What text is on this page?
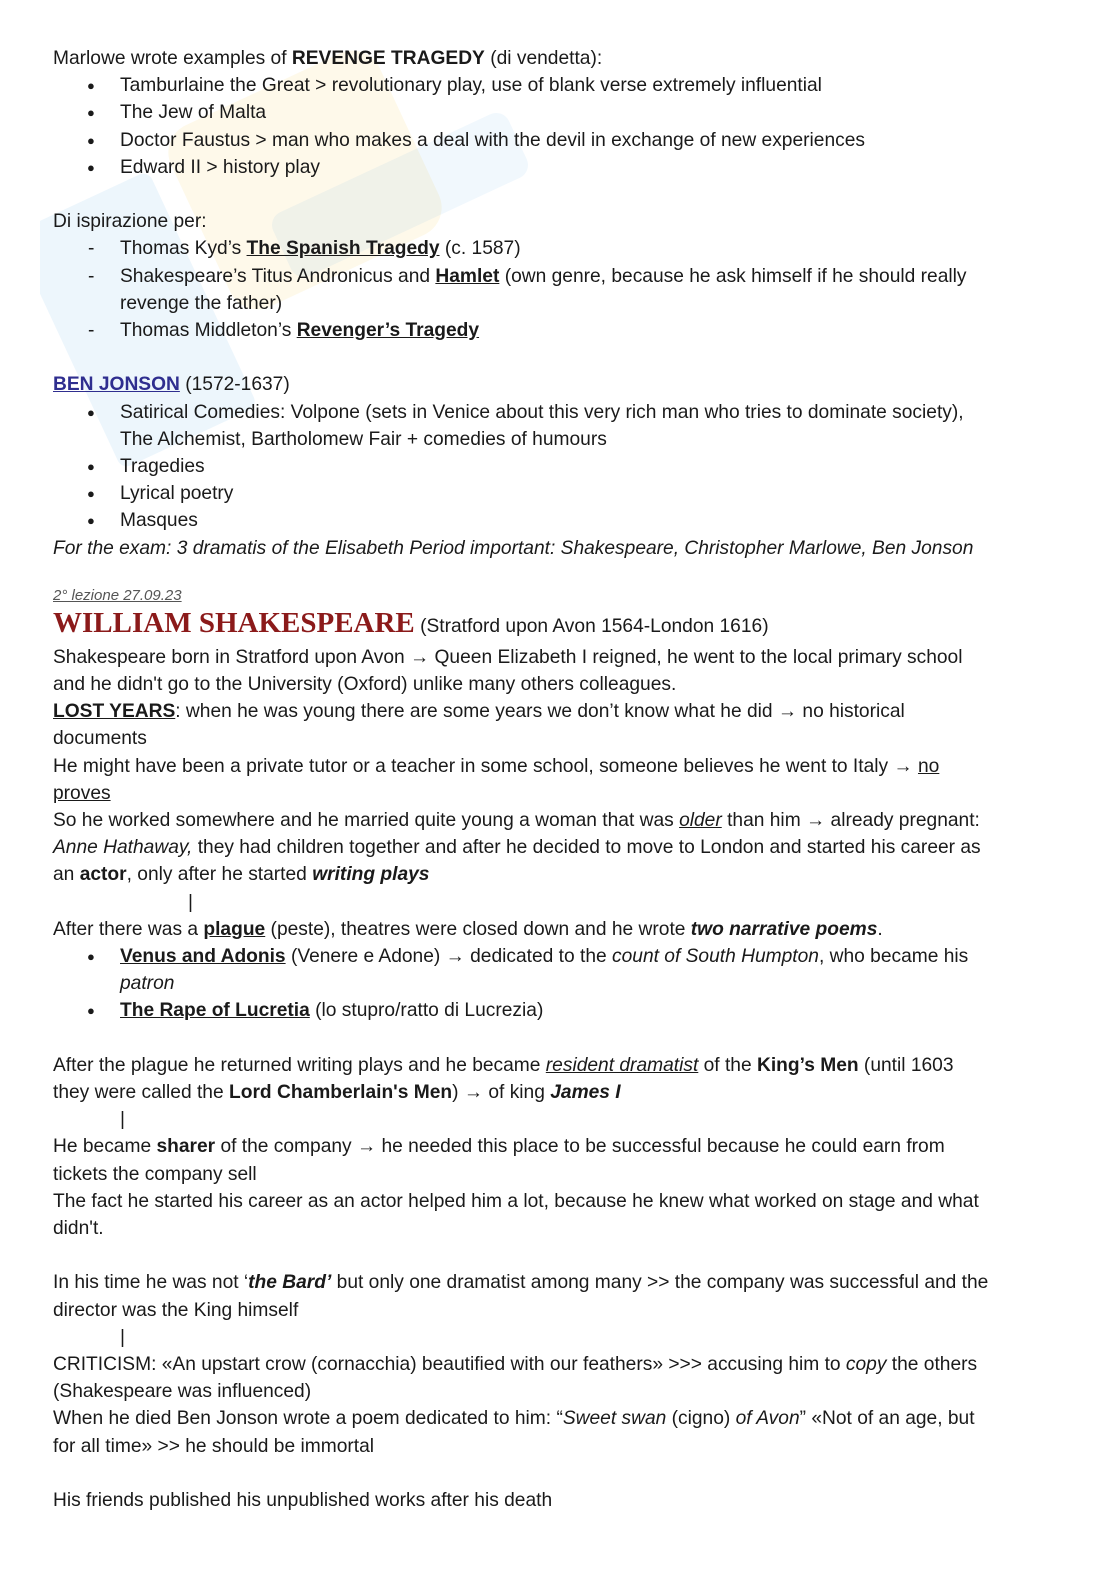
Marlowe wrote examples of REVENGE TRAGEDY (di vendetta):
● Tamburlaine the Great > revolutionary play, use of blank verse extremely influential
● The Jew of Malta
● Doctor Faustus > man who makes a deal with the devil in exchange of new experiences
● Edward II > history play
Di ispirazione per:
- Thomas Kyd’s The Spanish Tragedy (c. 1587)
- Shakespeare’s Titus Andronicus and Hamlet (own genre, because he ask himself if he should really
revenge the father)
- Thomas Middleton’s Revenger’s Tragedy
BEN JONSON (1572-1637)
● Satirical Comedies: Volpone (sets in Venice about this very rich man who tries to dominate society),
The Alchemist, Bartholomew Fair + comedies of humours
● Tragedies
● Lyrical poetry
● Masques
For the exam: 3 dramatis of the Elisabeth Period important: Shakespeare, Christopher Marlowe, Ben Jonson
2° lezione 27.09.23
WILLIAM SHAKESPEARE (Stratford upon Avon 1564-London 1616)
Shakespeare born in Stratford upon Avon → Queen Elizabeth I reigned, he went to the local primary school
and he didn't go to the University (Oxford) unlike many others colleagues.
LOST YEARS: when he was young there are some years we don’t know what he did → no historical
documents
He might have been a private tutor or a teacher in some school, someone believes he went to Italy → no
proves
So he worked somewhere and he married quite young a woman that was older than him → already pregnant:
Anne Hathaway, they had children together and after he decided to move to London and started his career as
an actor, only after he started writing plays
|
After there was a plague (peste), theatres were closed down and he wrote two narrative poems.
● Venus and Adonis (Venere e Adone) → dedicated to the count of South Humpton, who became his
patron
● The Rape of Lucretia (lo stupro/ratto di Lucrezia)
After the plague he returned writing plays and he became resident dramatist of the King’s Men (until 1603
they were called the Lord Chamberlain's Men) → of king James I
|
He became sharer of the company → he needed this place to be successful because he could earn from
tickets the company sell
The fact he started his career as an actor helped him a lot, because he knew what worked on stage and what
didn't.
In his time he was not ‘the Bard’ but only one dramatist among many >> the company was successful and the
director was the King himself
|
CRITICISM: «An upstart crow (cornacchia) beautified with our feathers» >>> accusing him to copy the others
(Shakespeare was influenced)
When he died Ben Jonson wrote a poem dedicated to him: “Sweet swan (cigno) of Avon” «Not of an age, but
for all time» >> he should be immortal
His friends published his unpublished works after his death
